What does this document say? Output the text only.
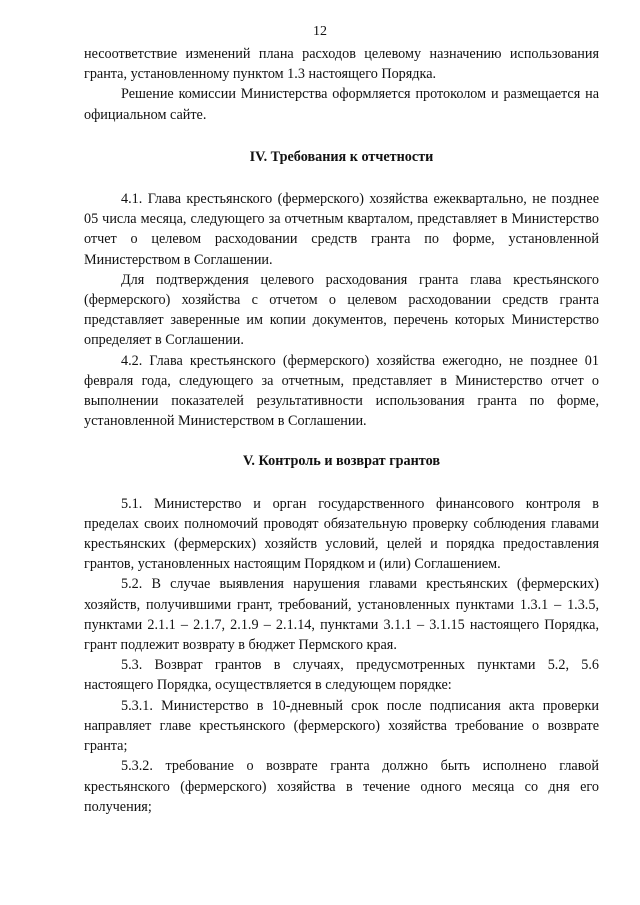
12

несоответствие изменений плана расходов целевому назначению использования гранта, установленному пунктом 1.3 настоящего Порядка.

Решение комиссии Министерства оформляется протоколом и размещается на официальном сайте.

IV. Требования к отчетности

4.1. Глава крестьянского (фермерского) хозяйства ежеквартально, не позднее 05 числа месяца, следующего за отчетным кварталом, представляет в Министерство отчет о целевом расходовании средств гранта по форме, установленной Министерством в Соглашении.

Для подтверждения целевого расходования гранта глава крестьянского (фермерского) хозяйства с отчетом о целевом расходовании средств гранта представляет заверенные им копии документов, перечень которых Министерство определяет в Соглашении.

4.2. Глава крестьянского (фермерского) хозяйства ежегодно, не позднее 01 февраля года, следующего за отчетным, представляет в Министерство отчет о выполнении показателей результативности использования гранта по форме, установленной Министерством в Соглашении.

V. Контроль и возврат грантов

5.1. Министерство и орган государственного финансового контроля в пределах своих полномочий проводят обязательную проверку соблюдения главами крестьянских (фермерских) хозяйств условий, целей и порядка предоставления грантов, установленных настоящим Порядком и (или) Соглашением.

5.2. В случае выявления нарушения главами крестьянских (фермерских) хозяйств, получившими грант, требований, установленных пунктами 1.3.1 – 1.3.5, пунктами 2.1.1 – 2.1.7, 2.1.9 – 2.1.14, пунктами 3.1.1 – 3.1.15 настоящего Порядка, грант подлежит возврату в бюджет Пермского края.

5.3. Возврат грантов в случаях, предусмотренных пунктами 5.2, 5.6 настоящего Порядка, осуществляется в следующем порядке:

5.3.1. Министерство в 10-дневный срок после подписания акта проверки направляет главе крестьянского (фермерского) хозяйства требование о возврате гранта;

5.3.2. требование о возврате гранта должно быть исполнено главой крестьянского (фермерского) хозяйства в течение одного месяца со дня его получения;
